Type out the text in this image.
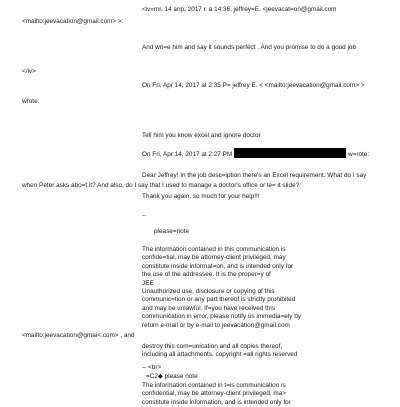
<iv»mr, 14 anp. 2017 r. в 14:36, jeffrey=E. <jeevacat=on@gmail.com
<mailto:jeevacation@gmail.com> >:
And wri=e him and say it sounds perfect . And you promise to do a good job
</iv>
On Fri, Apr 14, 2017 at 2:35 P= jeffrey E. < <mailto:jeevacation@gmail.com> >
wrote:
Tell him you know excel and ignore doctor
On Fri, Apr 14, 2017 at 2:27 PM	w=rote:
Dear Jeffrey! In the job desc=iption there's an Excel requirement. What do I say
when Peter asks abo=t it? And also, do I say that I used to manage a doctor's office or le= it slide?
Thank you again, so much for your help!!!
--
please=note
The information contained in this communication is
confide=tial, may be attorney-client privileged, may
constitute inside informat=on, and is intended only for
the use of the addressee. It is the proper=y of
JEE
Unauthorized use, disclosure or copying of this
communic=tion or any part thereof is strictly prohibited
and may be unlawful. If=you have received this
communication in error, please notify us immedia=ely by
return e-mail or by e-mail to jeevacation@gmail.com
<mailto:jeevacation@gmai<.com> , and
destroy this com=unication and all copies thereof,
including all attachments. copyright =all rights reserved
-- <br>
=C2◆ please note
The information contained in t=is communication is
confidential, may be attorney-client privileged, ma>
constitute inside information, and is intended only for
